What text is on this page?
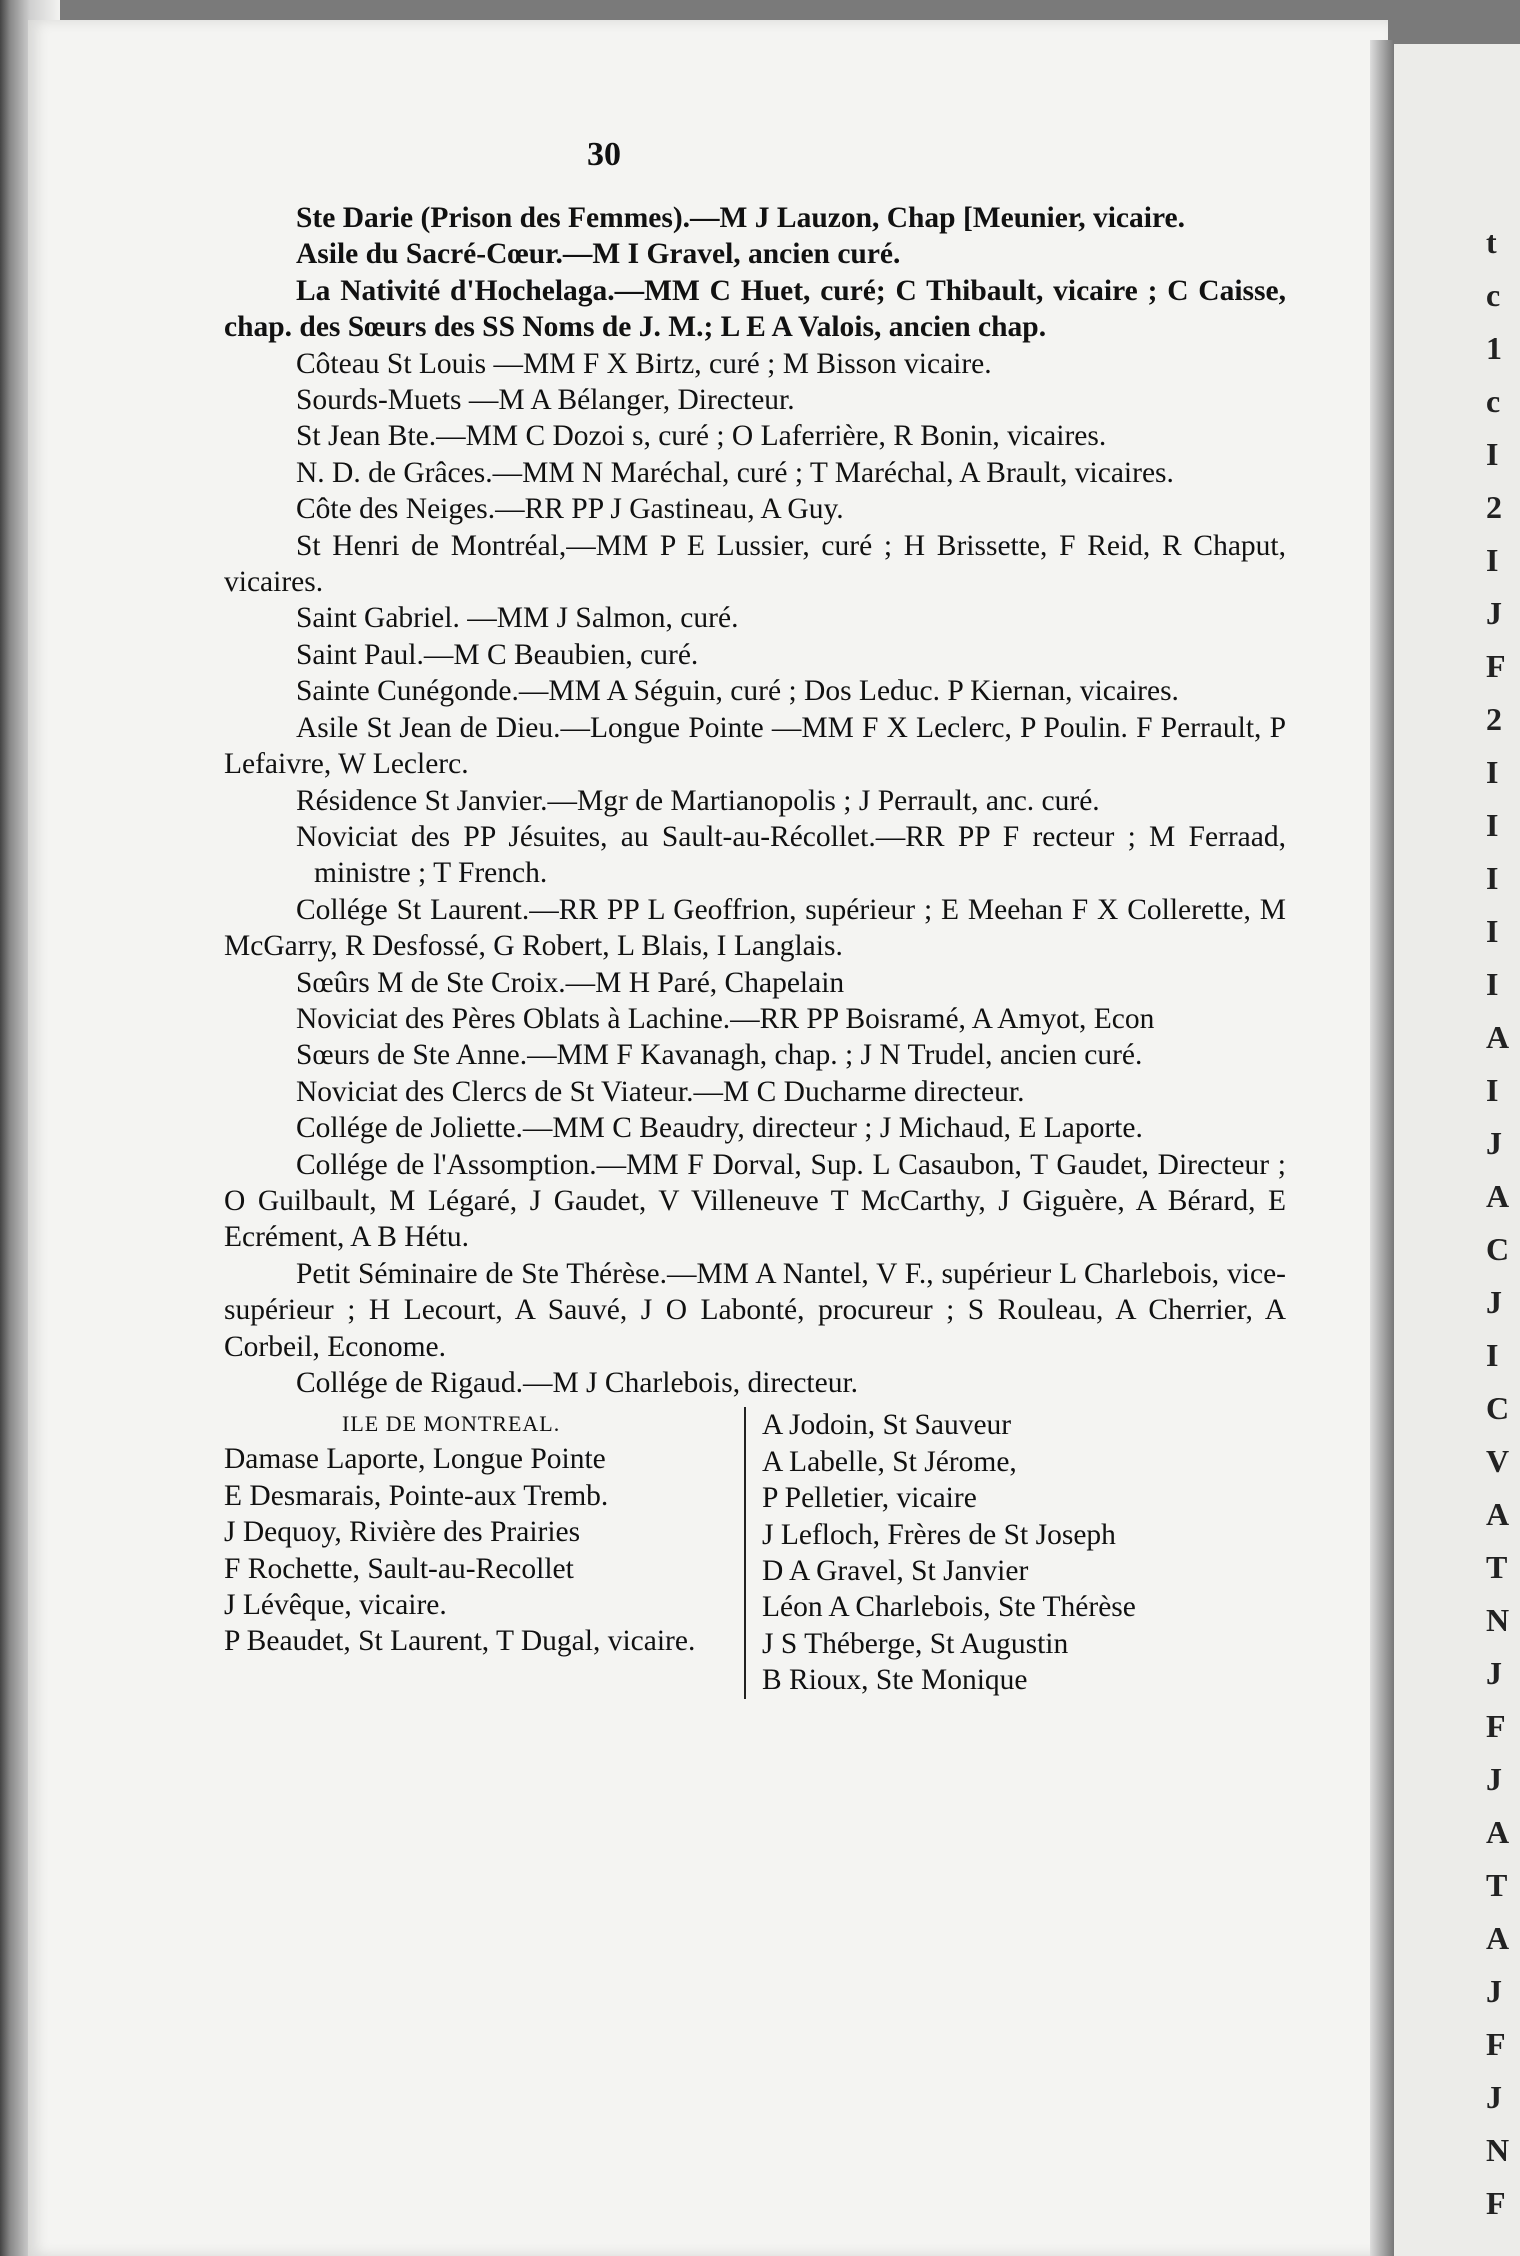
t
c
1
c
I
2
I
J
F
2
I
I
I
I
I
A
I
J
A
C
J
I
C
V
A
T
N
J
F
J
A
T
A
J
F
J
N
F
30

Ste Darie (Prison des Femmes).—M J Lauzon, Chap [Meunier, vicaire.

Asile du Sacré-Cœur.—M I Gravel, ancien curé.

La Nativité d'Hochelaga.—MM C Huet, curé; C Thibault, vicaire ; C Caisse, chap. des Sœurs des SS Noms de J. M.; L E A Valois, ancien chap.

Côteau St Louis —MM F X Birtz, curé ; M Bisson vicaire.

Sourds-Muets —M A Bélanger, Directeur.

St Jean Bte.—MM C Dozoi s, curé ; O Laferrière, R Bonin, vicaires.

N. D. de Grâces.—MM N Maréchal, curé ; T Maréchal, A Brault, vicaires.

Côte des Neiges.—RR PP J Gastineau, A Guy.

St Henri de Montréal,—MM P E Lussier, curé ; H Brissette, F Reid, R Chaput, vicaires.

Saint Gabriel. —MM J Salmon, curé.

Saint Paul.—M C Beaubien, curé.

Sainte Cunégonde.—MM A Séguin, curé ; Dos Leduc. P Kiernan, vicaires.

Asile St Jean de Dieu.—Longue Pointe —MM F X Leclerc, P Poulin. F Perrault, P Lefaivre, W Leclerc.

Résidence St Janvier.—Mgr de Martianopolis ; J Perrault, anc. curé.

Noviciat des PP Jésuites, au Sault-au-Récollet.—RR PP F recteur ; M Ferraad, ministre ; T French.

Collége St Laurent.—RR PP L Geoffrion, supérieur ; E Meehan F X Collerette, M McGarry, R Desfossé, G Robert, L Blais, I Langlais.

Sœûrs M de Ste Croix.—M H Paré, Chapelain

Noviciat des Pères Oblats à Lachine.—RR PP Boisramé, A Amyot, Econ

Sœurs de Ste Anne.—MM F Kavanagh, chap. ; J N Trudel, ancien curé.

Noviciat des Clercs de St Viateur.—M C Ducharme directeur.

Collége de Joliette.—MM C Beaudry, directeur ; J Michaud, E Laporte.

Collége de l'Assomption.—MM F Dorval, Sup. L Casaubon, T Gaudet, Directeur ; O Guilbault, M Légaré, J Gaudet, V Villeneuve T McCarthy, J Giguère, A Bérard, E Ecrément, A B Hétu.

Petit Séminaire de Ste Thérèse.—MM A Nantel, V F., supérieur L Charlebois, vice-supérieur ; H Lecourt, A Sauvé, J O Labonté, procureur ; S Rouleau, A Cherrier, A Corbeil, Econome.

Collége de Rigaud.—M J Charlebois, directeur.

ILE DE MONTREAL.
Damase Laporte, Longue Pointe
E Desmarais, Pointe-aux Tremb.
J Dequoy, Rivière des Prairies
F Rochette, Sault-au-Recollet
J Lévêque, vicaire.
P Beaudet, St Laurent, T Dugal, vicaire.
A Jodoin, St Sauveur
A Labelle, St Jérome,
P Pelletier, vicaire
J Lefloch, Frères de St Joseph
D A Gravel, St Janvier
Léon A Charlebois, Ste Thérèse
J S Théberge, St Augustin
B Rioux, Ste Monique
